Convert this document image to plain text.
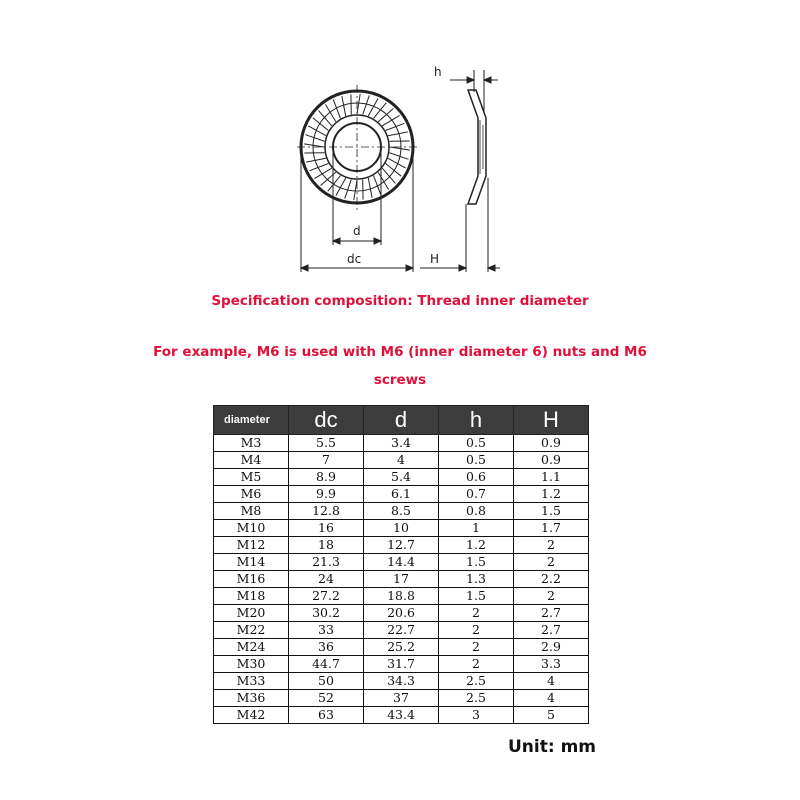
h
d
dc	H
Specification composition: Thread inner diameter
For example, M6 is used with M6 (inner diameter 6) nuts and M6
screws
diameter	dc	d	h	H
M3	5.5	3.4	0.5	0.9
M4	7	4	0.5	0.9
M5	8.9	5.4	0.6	1.1
M6	9.9	6.1	0.7	1.2
M8	12.8	8.5	0.8	1.5
M10	16	10	1	1.7
M12	18	12.7	1.2	2
M14	21.3	14.4	1.5	2
M16	24	17	1.3	2.2
M18	27.2	18.8	1.5	2
M20	30.2	20.6	2	2.7
M22	33	22.7	2	2.7
M24	36	25.2	2	2.9
M30	44.7	31.7	2	3.3
M33	50	34.3	2.5	4
M36	52	37	2.5	4
M42	63	43.4	3	5
Unit: mm
